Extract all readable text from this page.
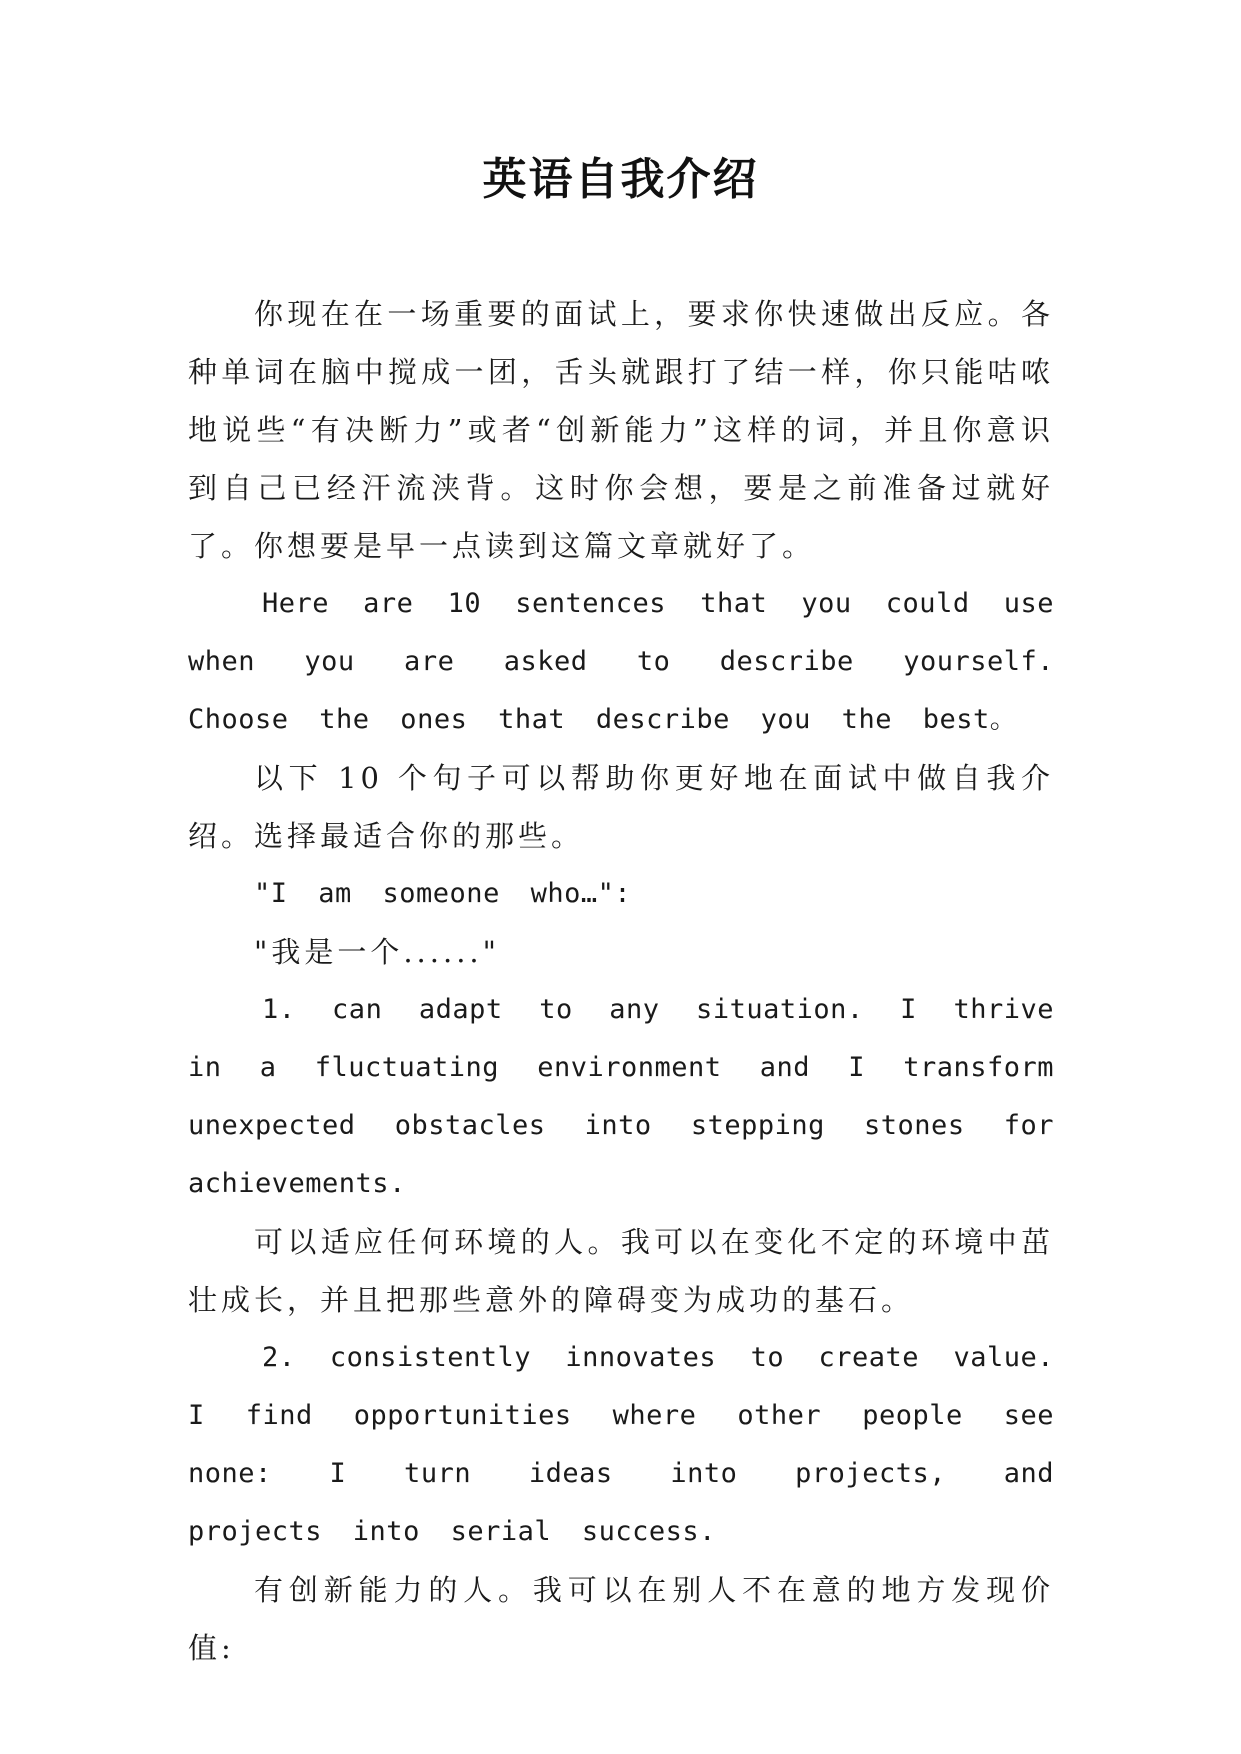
英语自我介绍

你现在在一场重要的面试上，要求你快速做出反应。各种单词在脑中搅成一团，舌头就跟打了结一样，你只能咕哝地说些“有决断力”或者“创新能力”这样的词，并且你意识到自己已经汗流浃背。这时你会想，要是之前准备过就好了。你想要是早一点读到这篇文章就好了。

Here are 10 sentences that you could use when you are asked to describe yourself. Choose the ones that describe you the best。

以下 10 个句子可以帮助你更好地在面试中做自我介绍。选择最适合你的那些。

"I am someone who…":

"我是一个......"

1. can adapt to any situation. I thrive in a fluctuating environment and I transform unexpected obstacles into stepping stones for achievements.

可以适应任何环境的人。我可以在变化不定的环境中茁壮成长，并且把那些意外的障碍变为成功的基石。

2. consistently innovates to create value. I find opportunities where other people see none: I turn ideas into projects, and projects into serial success.

有创新能力的人。我可以在别人不在意的地方发现价值:
